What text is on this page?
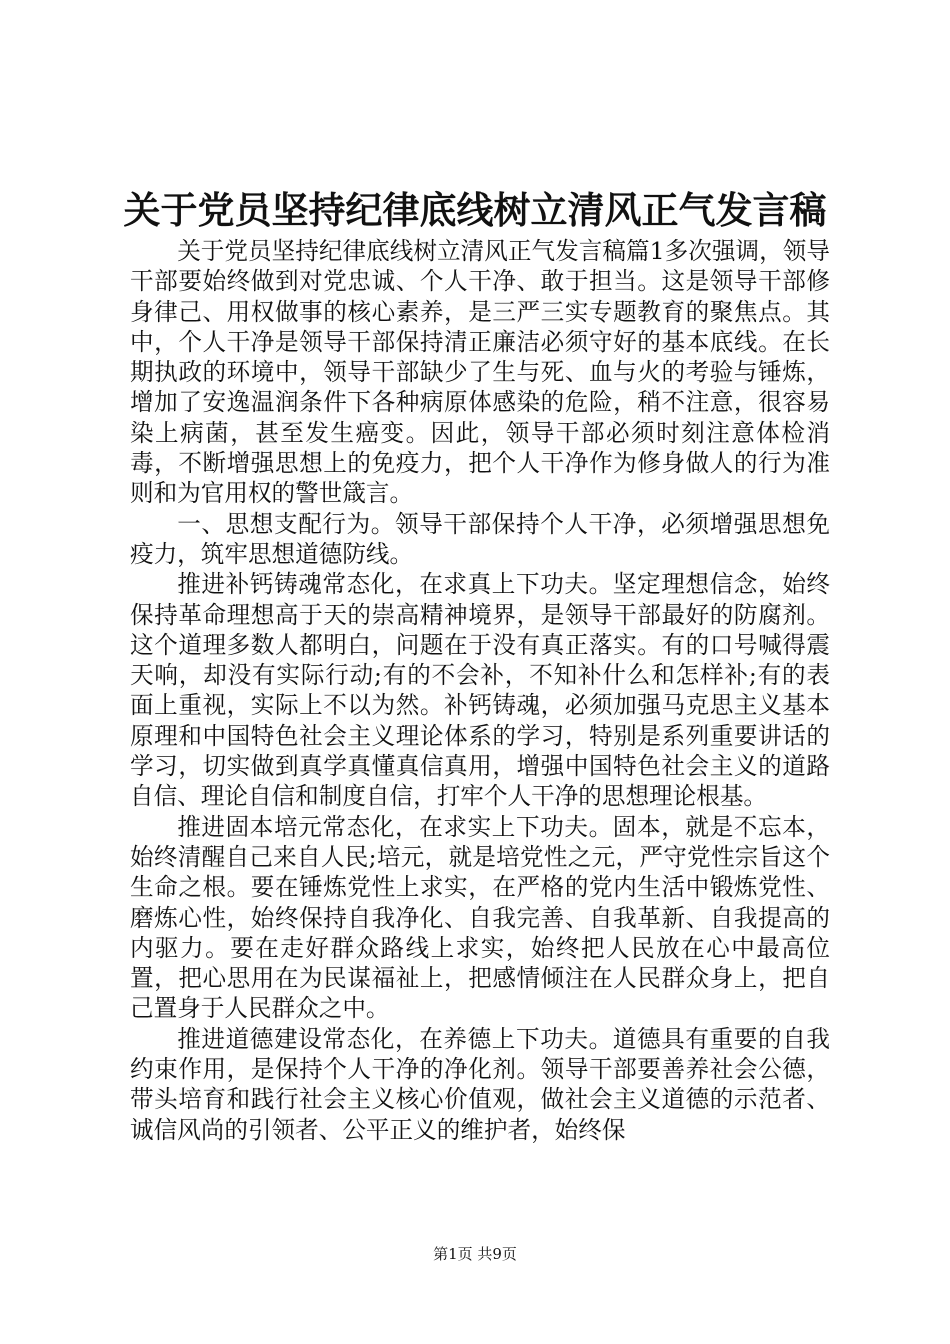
关于党员坚持纪律底线树立清风正气发言稿

关于党员坚持纪律底线树立清风正气发言稿篇1多次强调，领导干部要始终做到对党忠诚、个人干净、敢于担当。这是领导干部修身律己、用权做事的核心素养，是三严三实专题教育的聚焦点。其中，个人干净是领导干部保持清正廉洁必须守好的基本底线。在长期执政的环境中，领导干部缺少了生与死、血与火的考验与锤炼，增加了安逸温润条件下各种病原体感染的危险，稍不注意，很容易染上病菌，甚至发生癌变。因此，领导干部必须时刻注意体检消毒，不断增强思想上的免疫力，把个人干净作为修身做人的行为准则和为官用权的警世箴言。

一、思想支配行为。领导干部保持个人干净，必须增强思想免疫力，筑牢思想道德防线。

推进补钙铸魂常态化，在求真上下功夫。坚定理想信念，始终保持革命理想高于天的崇高精神境界，是领导干部最好的防腐剂。这个道理多数人都明白，问题在于没有真正落实。有的口号喊得震天响，却没有实际行动;有的不会补，不知补什么和怎样补;有的表面上重视，实际上不以为然。补钙铸魂，必须加强马克思主义基本原理和中国特色社会主义理论体系的学习，特别是系列重要讲话的学习，切实做到真学真懂真信真用，增强中国特色社会主义的道路自信、理论自信和制度自信，打牢个人干净的思想理论根基。

推进固本培元常态化，在求实上下功夫。固本，就是不忘本，始终清醒自己来自人民;培元，就是培党性之元，严守党性宗旨这个生命之根。要在锤炼党性上求实，在严格的党内生活中锻炼党性、磨炼心性，始终保持自我净化、自我完善、自我革新、自我提高的内驱力。要在走好群众路线上求实，始终把人民放在心中最高位置，把心思用在为民谋福祉上，把感情倾注在人民群众身上，把自己置身于人民群众之中。

推进道德建设常态化，在养德上下功夫。道德具有重要的自我约束作用，是保持个人干净的净化剂。领导干部要善养社会公德，带头培育和践行社会主义核心价值观，做社会主义道德的示范者、诚信风尚的引领者、公平正义的维护者，始终保

第1页 共9页
